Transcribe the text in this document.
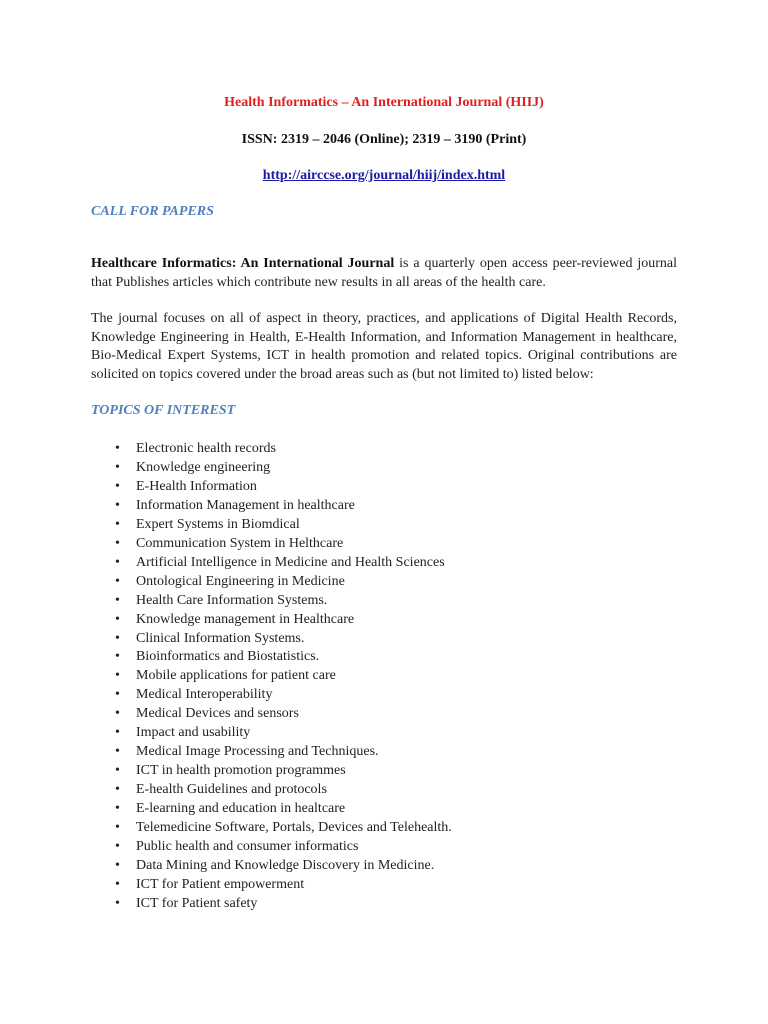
Health Informatics – An International Journal (HIIJ)
ISSN: 2319 – 2046 (Online); 2319 – 3190 (Print)
http://airccse.org/journal/hiij/index.html
CALL FOR PAPERS

Healthcare Informatics: An International Journal is a quarterly open access peer-reviewed journal that Publishes articles which contribute new results in all areas of the health care.

The journal focuses on all of aspect in theory, practices, and applications of Digital Health Records, Knowledge Engineering in Health, E-Health Information, and Information Management in healthcare, Bio-Medical Expert Systems, ICT in health promotion and related topics. Original contributions are solicited on topics covered under the broad areas such as (but not limited to) listed below:

TOPICS OF INTEREST
• Electronic health records
• Knowledge engineering
• E-Health Information
• Information Management in healthcare
• Expert Systems in Biomdical
• Communication System in Helthcare
• Artificial Intelligence in Medicine and Health Sciences
• Ontological Engineering in Medicine
• Health Care Information Systems.
• Knowledge management in Healthcare
• Clinical Information Systems.
• Bioinformatics and Biostatistics.
• Mobile applications for patient care
• Medical Interoperability
• Medical Devices and sensors
• Impact and usability
• Medical Image Processing and Techniques.
• ICT in health promotion programmes
• E-health Guidelines and protocols
• E-learning and education in healtcare
• Telemedicine Software, Portals, Devices and Telehealth.
• Public health and consumer informatics
• Data Mining and Knowledge Discovery in Medicine.
• ICT for Patient empowerment
• ICT for Patient safety
